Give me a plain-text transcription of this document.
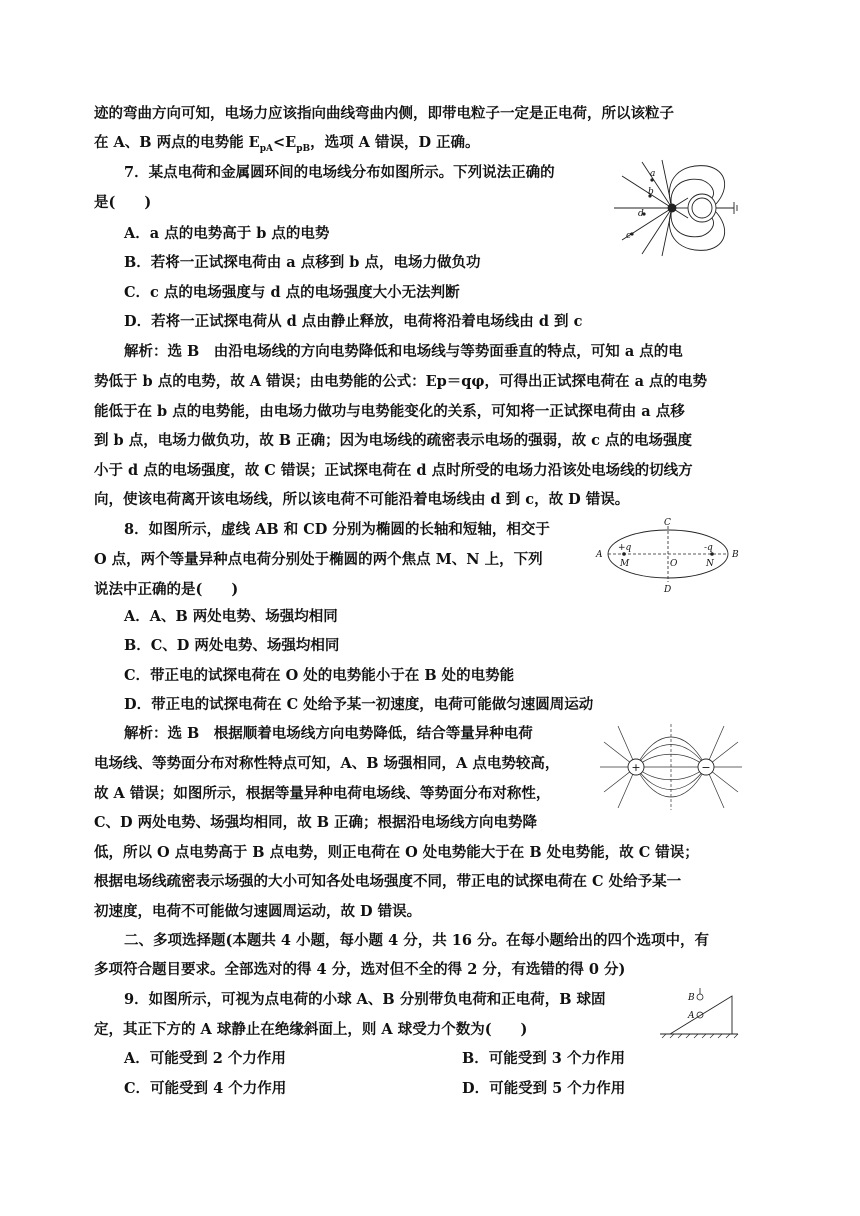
迹的弯曲方向可知，电场力应该指向曲线弯曲内侧，即带电粒子一定是正电荷，所以该粒子

在 A、B 两点的电势能 $E_{pA}<E_{pB}$，选项 A 错误，D 正确。

7．某点电荷和金属圆环间的电场线分布如图所示。下列说法正确的

是(　　)

A．a 点的电势高于 b 点的电势

B．若将一正试探电荷由 a 点移到 b 点，电场力做负功

C．c 点的电场强度与 d 点的电场强度大小无法判断

D．若将一正试探电荷从 d 点由静止释放，电荷将沿着电场线由 d 到 c

a
b
d
c

解析：选 B　由沿电场线的方向电势降低和电场线与等势面垂直的特点，可知 a 点的电

势低于 b 点的电势，故 A 错误；由电势能的公式：Ep＝qφ，可得出正试探电荷在 a 点的电势

能低于在 b 点的电势能，由电场力做功与电势能变化的关系，可知将一正试探电荷由 a 点移

到 b 点，电场力做负功，故 B 正确；因为电场线的疏密表示电场的强弱，故 c 点的电场强度

小于 d 点的电场强度，故 C 错误；正试探电荷在 d 点时所受的电场力沿该处电场线的切线方

向，使该电荷离开该电场线，所以该电荷不可能沿着电场线由 d 到 c，故 D 错误。

8．如图所示，虚线 AB 和 CD 分别为椭圆的长轴和短轴，相交于

O 点，两个等量异种点电荷分别处于椭圆的两个焦点 M、N 上，下列

说法中正确的是(　　)

C
A	B
D
O
M	N
+q	-q

A．A、B 两处电势、场强均相同

B．C、D 两处电势、场强均相同

C．带正电的试探电荷在 O 处的电势能小于在 B 处的电势能

D．带正电的试探电荷在 C 处给予某一初速度，电荷可能做匀速圆周运动

解析：选 B　根据顺着电场线方向电势降低，结合等量异种电荷

电场线、等势面分布对称性特点可知，A、B 场强相同，A 点电势较高，

故 A 错误；如图所示，根据等量异种电荷电场线、等势面分布对称性，

C、D 两处电势、场强均相同，故 B 正确；根据沿电场线方向电势降

+	−

低，所以 O 点电势高于 B 点电势，则正电荷在 O 处电势能大于在 B 处电势能，故 C 错误；

根据电场线疏密表示场强的大小可知各处电场强度不同，带正电的试探电荷在 C 处给予某一

初速度，电荷不可能做匀速圆周运动，故 D 错误。

二、多项选择题(本题共 4 小题，每小题 4 分，共 16 分。在每小题给出的四个选项中，有

多项符合题目要求。全部选对的得 4 分，选对但不全的得 2 分，有选错的得 0 分)

9．如图所示，可视为点电荷的小球 A、B 分别带负电荷和正电荷，B 球固

定，其正下方的 A 球静止在绝缘斜面上，则 A 球受力个数为(　　)

B
A

A．可能受到 2 个力作用	B．可能受到 3 个力作用

C．可能受到 4 个力作用	D．可能受到 5 个力作用
